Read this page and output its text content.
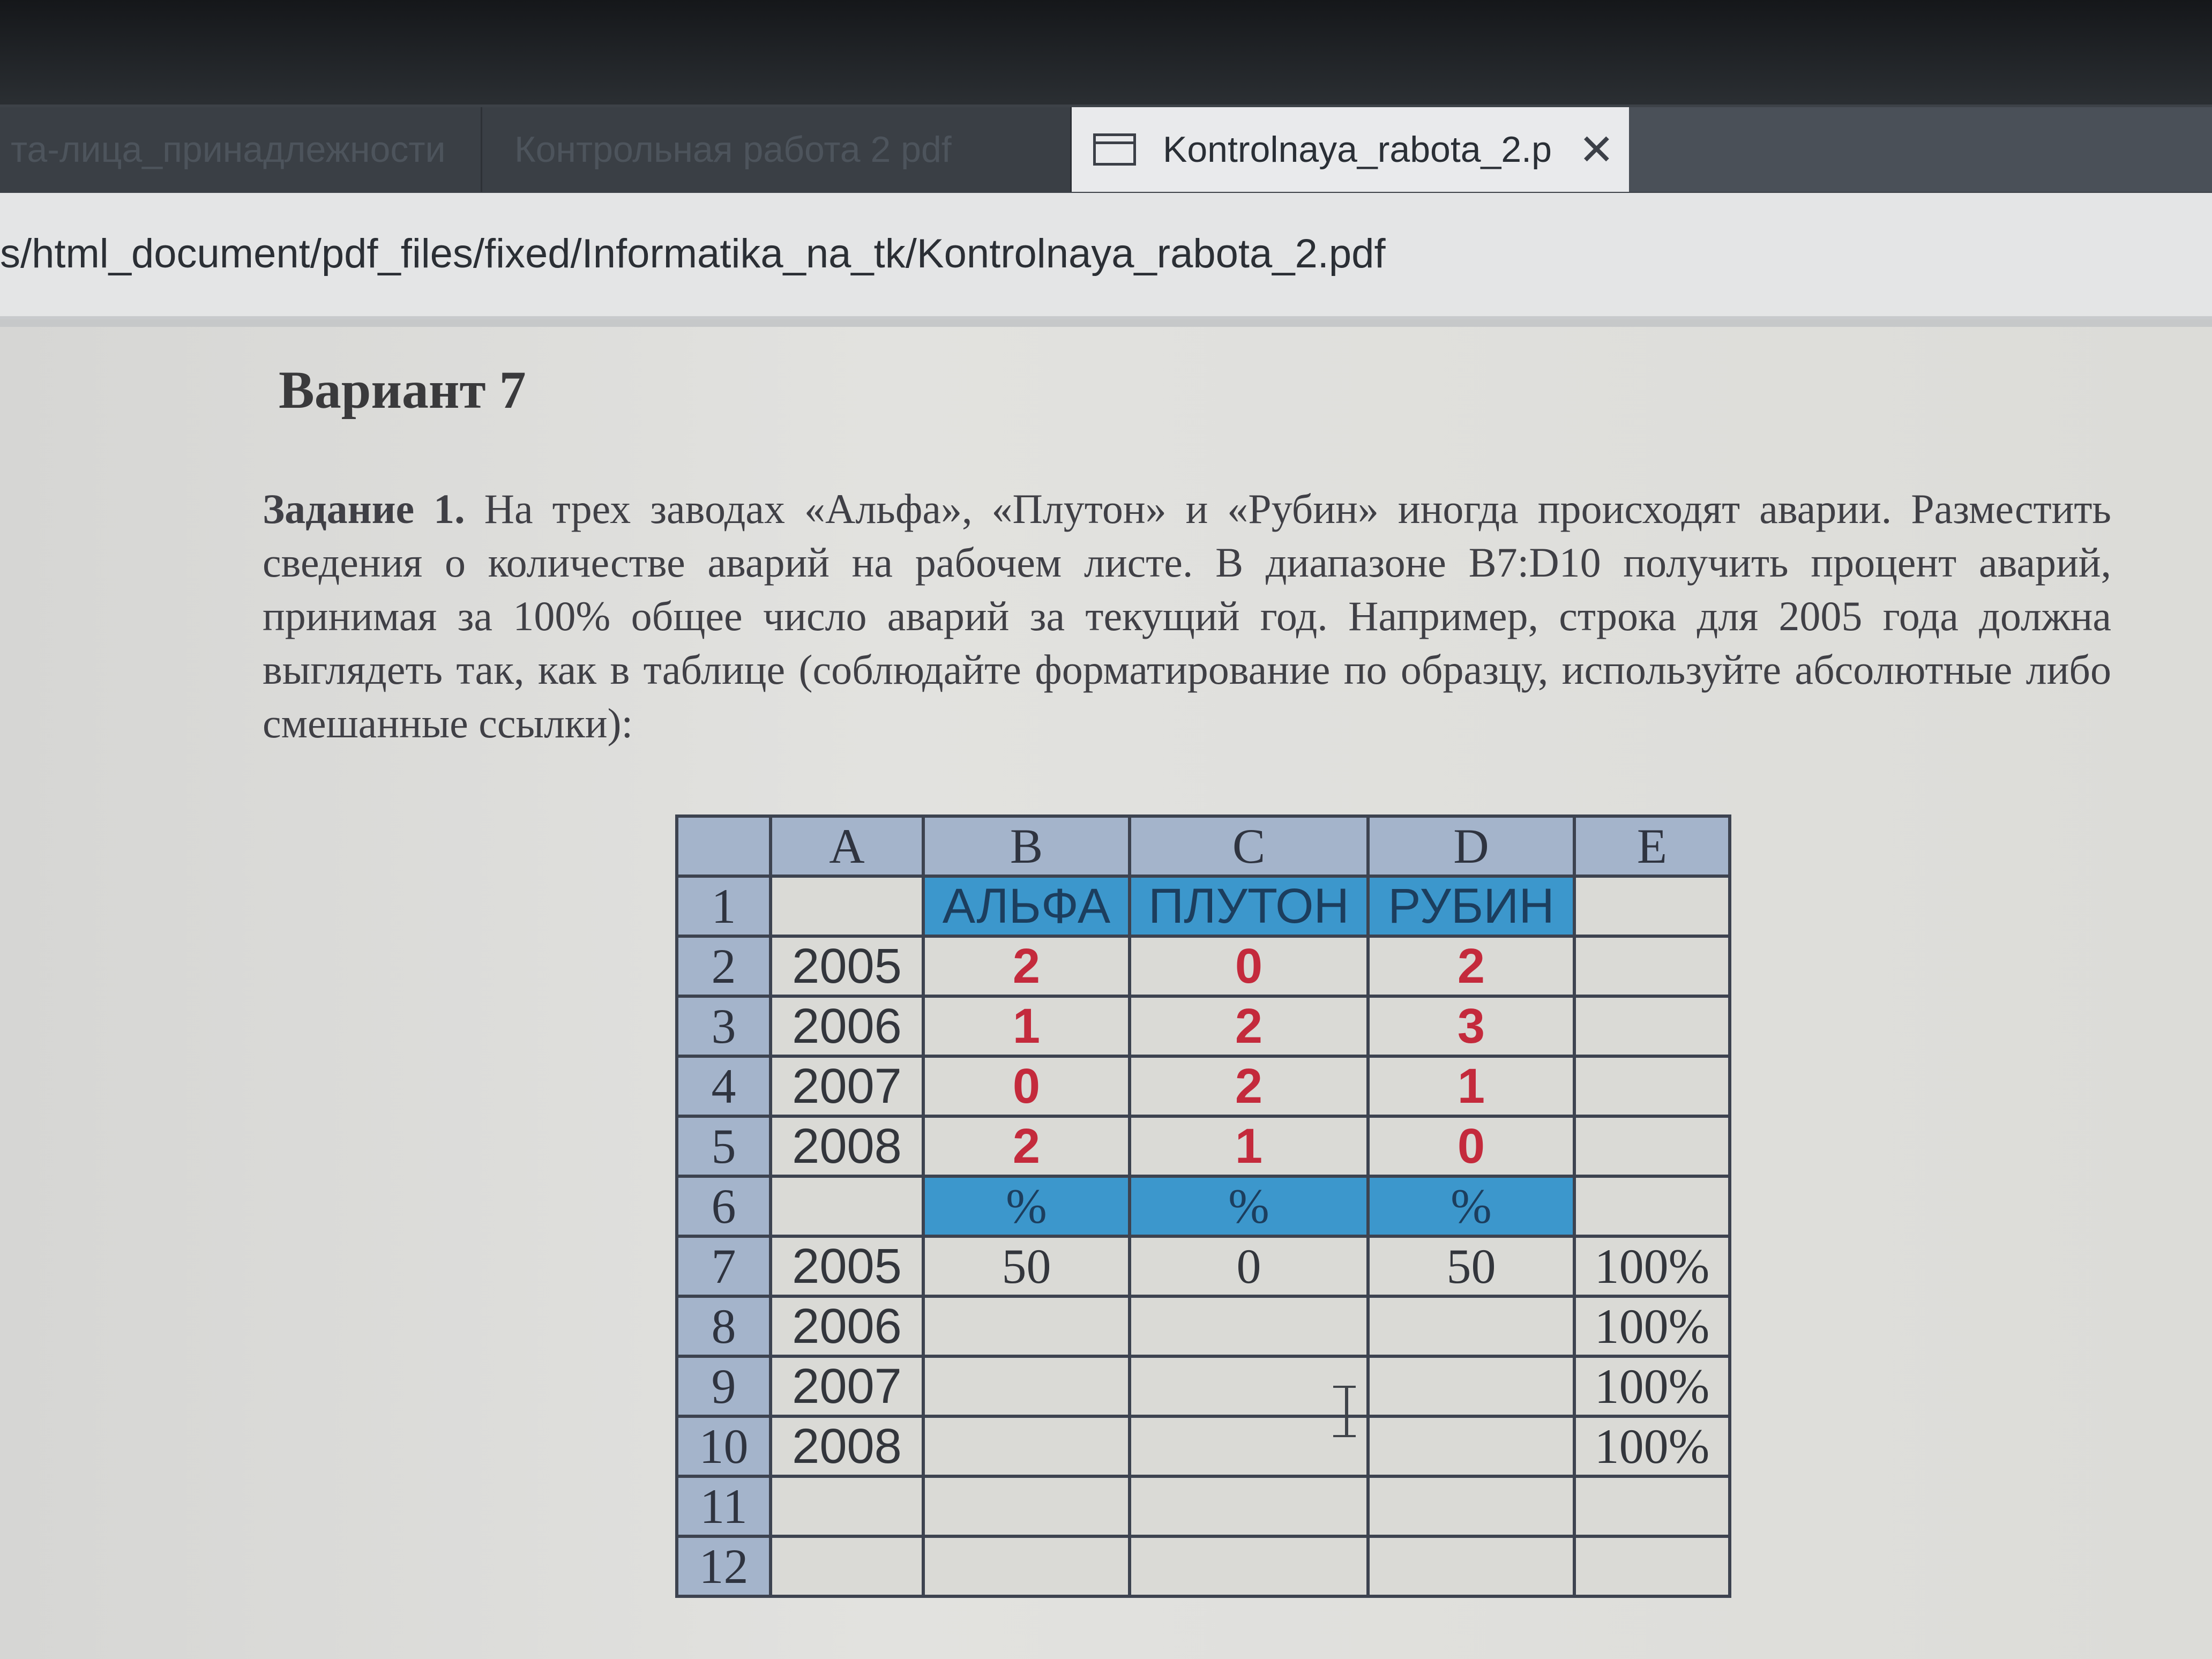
та-лица_принадлежности Контрольная работа 2 pdf	Kontrolnaya_rabota_2.p ✕
s/html_document/pdf_files/fixed/Informatika_na_tk/Kontrolnaya_rabota_2.pdf
Вариант 7
Задание 1. На трех заводах «Альфа», «Плутон» и «Рубин» иногда происходят аварии. Разместить сведения о количестве аварий на рабочем листе. В диапазоне B7:D10 получить процент аварий, принимая за 100% общее число аварий за текущий год. Например, строка для 2005 года должна выглядеть так, как в таблице (соблюдайте форматирование по образцу, используйте абсолютные либо смешанные ссылки):
	A	B	C	D	E
1		АЛЬФА	ПЛУТОН	РУБИН	
2	2005	2	0	2	
3	2006	1	2	3	
4	2007	0	2	1	
5	2008	2	1	0	
6		%	%	%	
7	2005	50	0	50	100%
8	2006				100%
9	2007				100%
10	2008				100%
11					
12					
